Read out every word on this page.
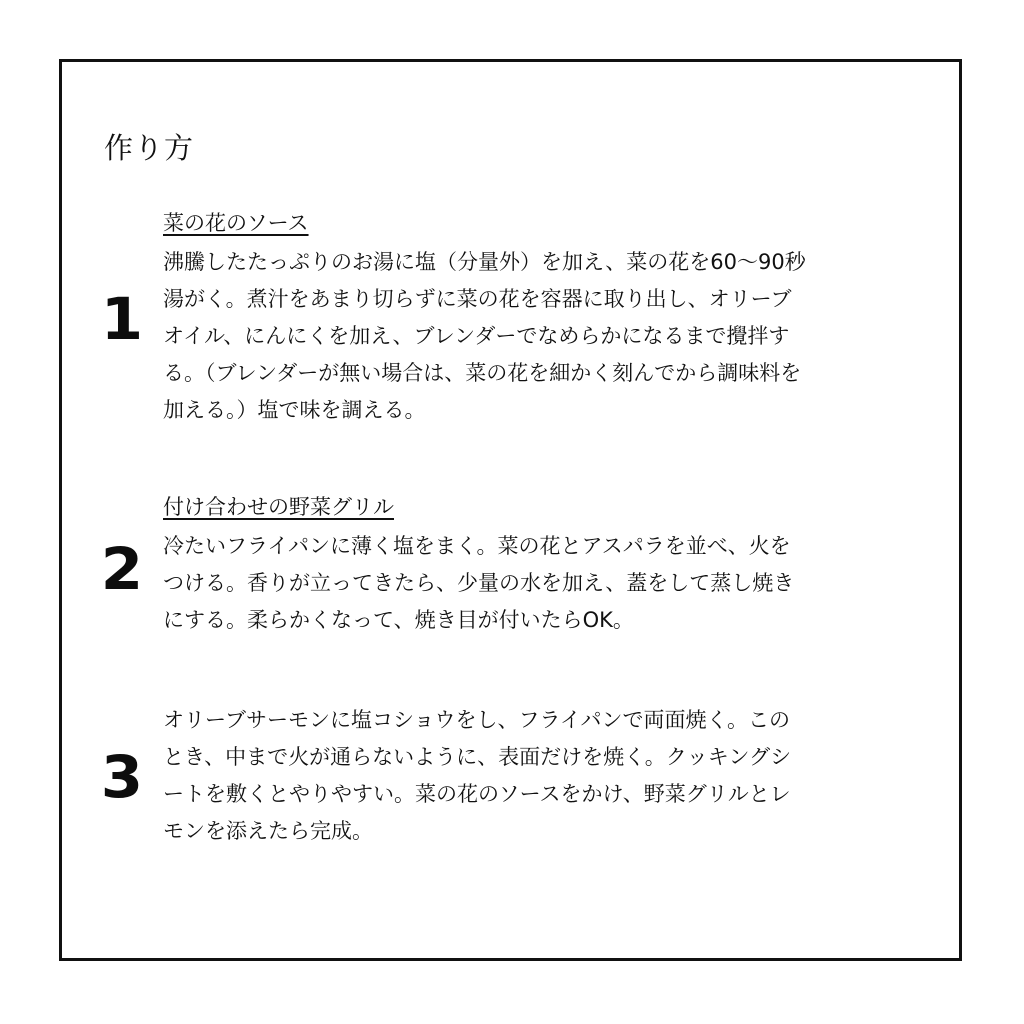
作り方
1
菜の花のソース
沸騰したたっぷりのお湯に塩（分量外）を加え、菜の花を60〜90秒
湯がく。煮汁をあまり切らずに菜の花を容器に取り出し、オリーブ
オイル、にんにくを加え、ブレンダーでなめらかになるまで攪拌す
る。（ブレンダーが無い場合は、菜の花を細かく刻んでから調味料を
加える。）塩で味を調える。
2
付け合わせの野菜グリル
冷たいフライパンに薄く塩をまく。菜の花とアスパラを並べ、火を
つける。香りが立ってきたら、少量の水を加え、蓋をして蒸し焼き
にする。柔らかくなって、焼き目が付いたらOK。
3
オリーブサーモンに塩コショウをし、フライパンで両面焼く。この
とき、中まで火が通らないように、表面だけを焼く。クッキングシ
ートを敷くとやりやすい。菜の花のソースをかけ、野菜グリルとレ
モンを添えたら完成。
